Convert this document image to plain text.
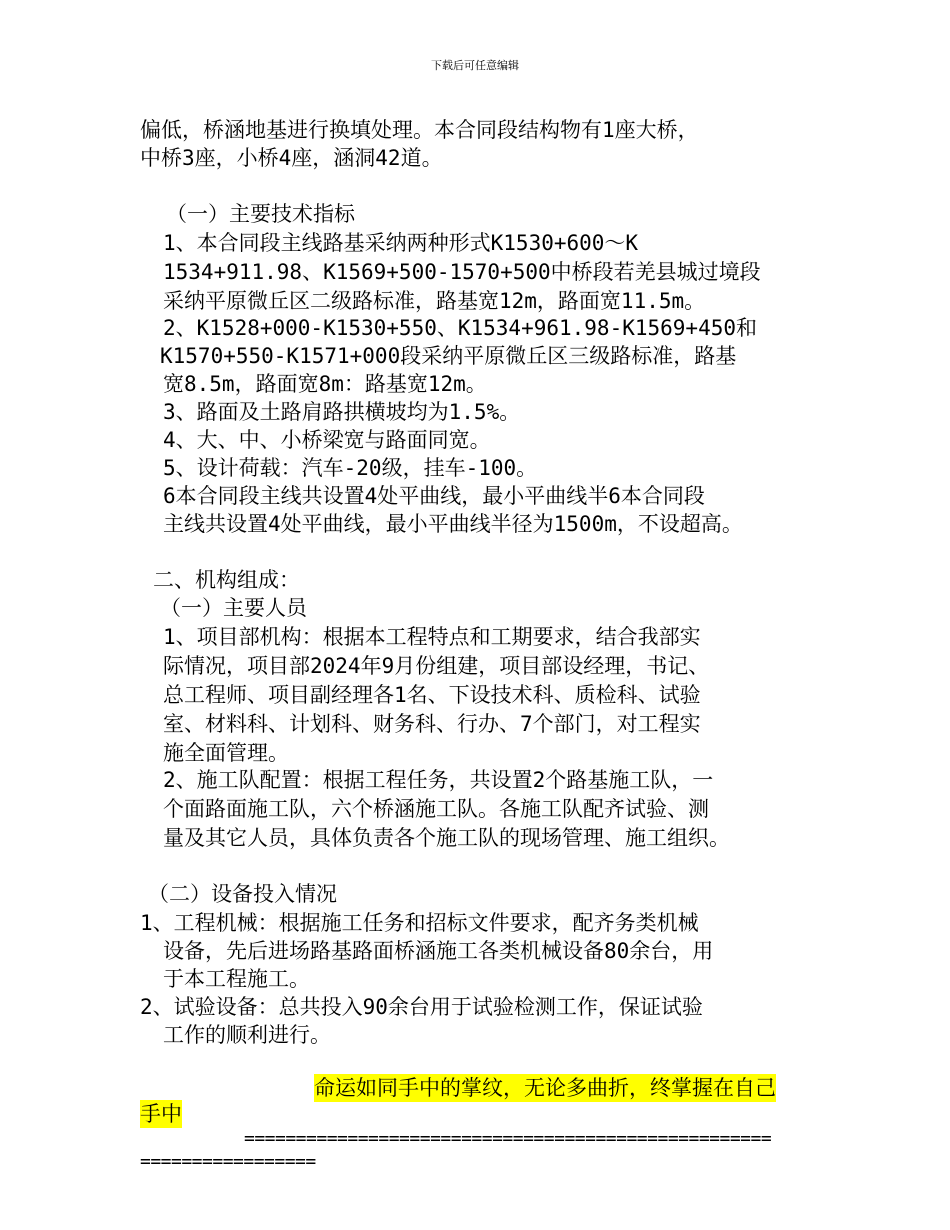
下载后可任意编辑
偏低，桥涵地基进行换填处理。本合同段结构物有1座大桥，
中桥3座，小桥4座，涵洞42道。
（一）主要技术指标
1、本合同段主线路基采纳两种形式K1530+600～K
1534+911.98、K1569+500-1570+500中桥段若羌县城过境段
采纳平原微丘区二级路标准，路基宽12m，路面宽11.5m。
2、K1528+000-K1530+550、K1534+961.98-K1569+450和
K1570+550-K1571+000段采纳平原微丘区三级路标准，路基
宽8.5m，路面宽8m：路基宽12m。
3、路面及土路肩路拱横坡均为1.5%。
4、大、中、小桥梁宽与路面同宽。
5、设计荷载：汽车-20级，挂车-100。
6本合同段主线共设置4处平曲线，最小平曲线半6本合同段
主线共设置4处平曲线，最小平曲线半径为1500m，不设超高。
二、机构组成：
（一）主要人员
1、项目部机构：根据本工程特点和工期要求，结合我部实
际情况，项目部2024年9月份组建，项目部设经理，书记、
总工程师、项目副经理各1名、下设技术科、质检科、试验
室、材料科、计划科、财务科、行办、7个部门，对工程实
施全面管理。
2、施工队配置：根据工程任务，共设置2个路基施工队，一
个面路面施工队，六个桥涵施工队。各施工队配齐试验、测
量及其它人员，具体负责各个施工队的现场管理、施工组织。
（二）设备投入情况
1、工程机械：根据施工任务和招标文件要求，配齐务类机械
设备，先后进场路基路面桥涵施工各类机械设备80余台，用
于本工程施工。
2、试验设备：总共投入90余台用于试验检测工作，保证试验
工作的顺利进行。
命运如同手中的掌纹，无论多曲折，终掌握在自己
手中
===================================================
=================
